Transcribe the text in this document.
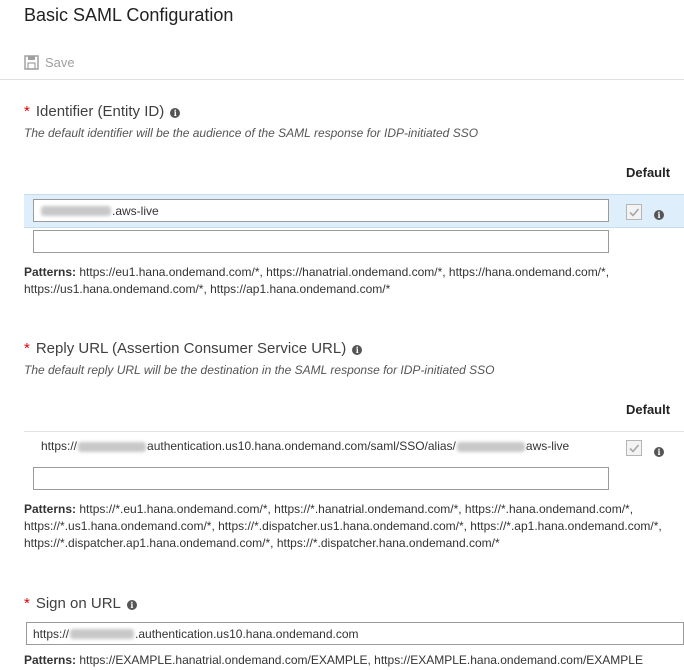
Basic SAML Configuration
Save
* Identifier (Entity ID)	i
The default identifier will be the audience of the SAML response for IDP-initiated SSO
Default
.aws-live	i
Patterns: https://eu1.hana.ondemand.com/*, https://hanatrial.ondemand.com/*, https://hana.ondemand.com/*,
https://us1.hana.ondemand.com/*, https://ap1.hana.ondemand.com/*
* Reply URL (Assertion Consumer Service URL)	i
The default reply URL will be the destination in the SAML response for IDP-initiated SSO
Default
https://	authentication.us10.hana.ondemand.com/saml/SSO/alias/	aws-live	i
Patterns: https://*.eu1.hana.ondemand.com/*, https://*.hanatrial.ondemand.com/*, https://*.hana.ondemand.com/*,
https://*.us1.hana.ondemand.com/*, https://*.dispatcher.us1.hana.ondemand.com/*, https://*.ap1.hana.ondemand.com/*,
https://*.dispatcher.ap1.hana.ondemand.com/*, https://*.dispatcher.hana.ondemand.com/*
* Sign on URL	i
https://	.authentication.us10.hana.ondemand.com
Patterns: https://EXAMPLE.hanatrial.ondemand.com/EXAMPLE, https://EXAMPLE.hana.ondemand.com/EXAMPLE
